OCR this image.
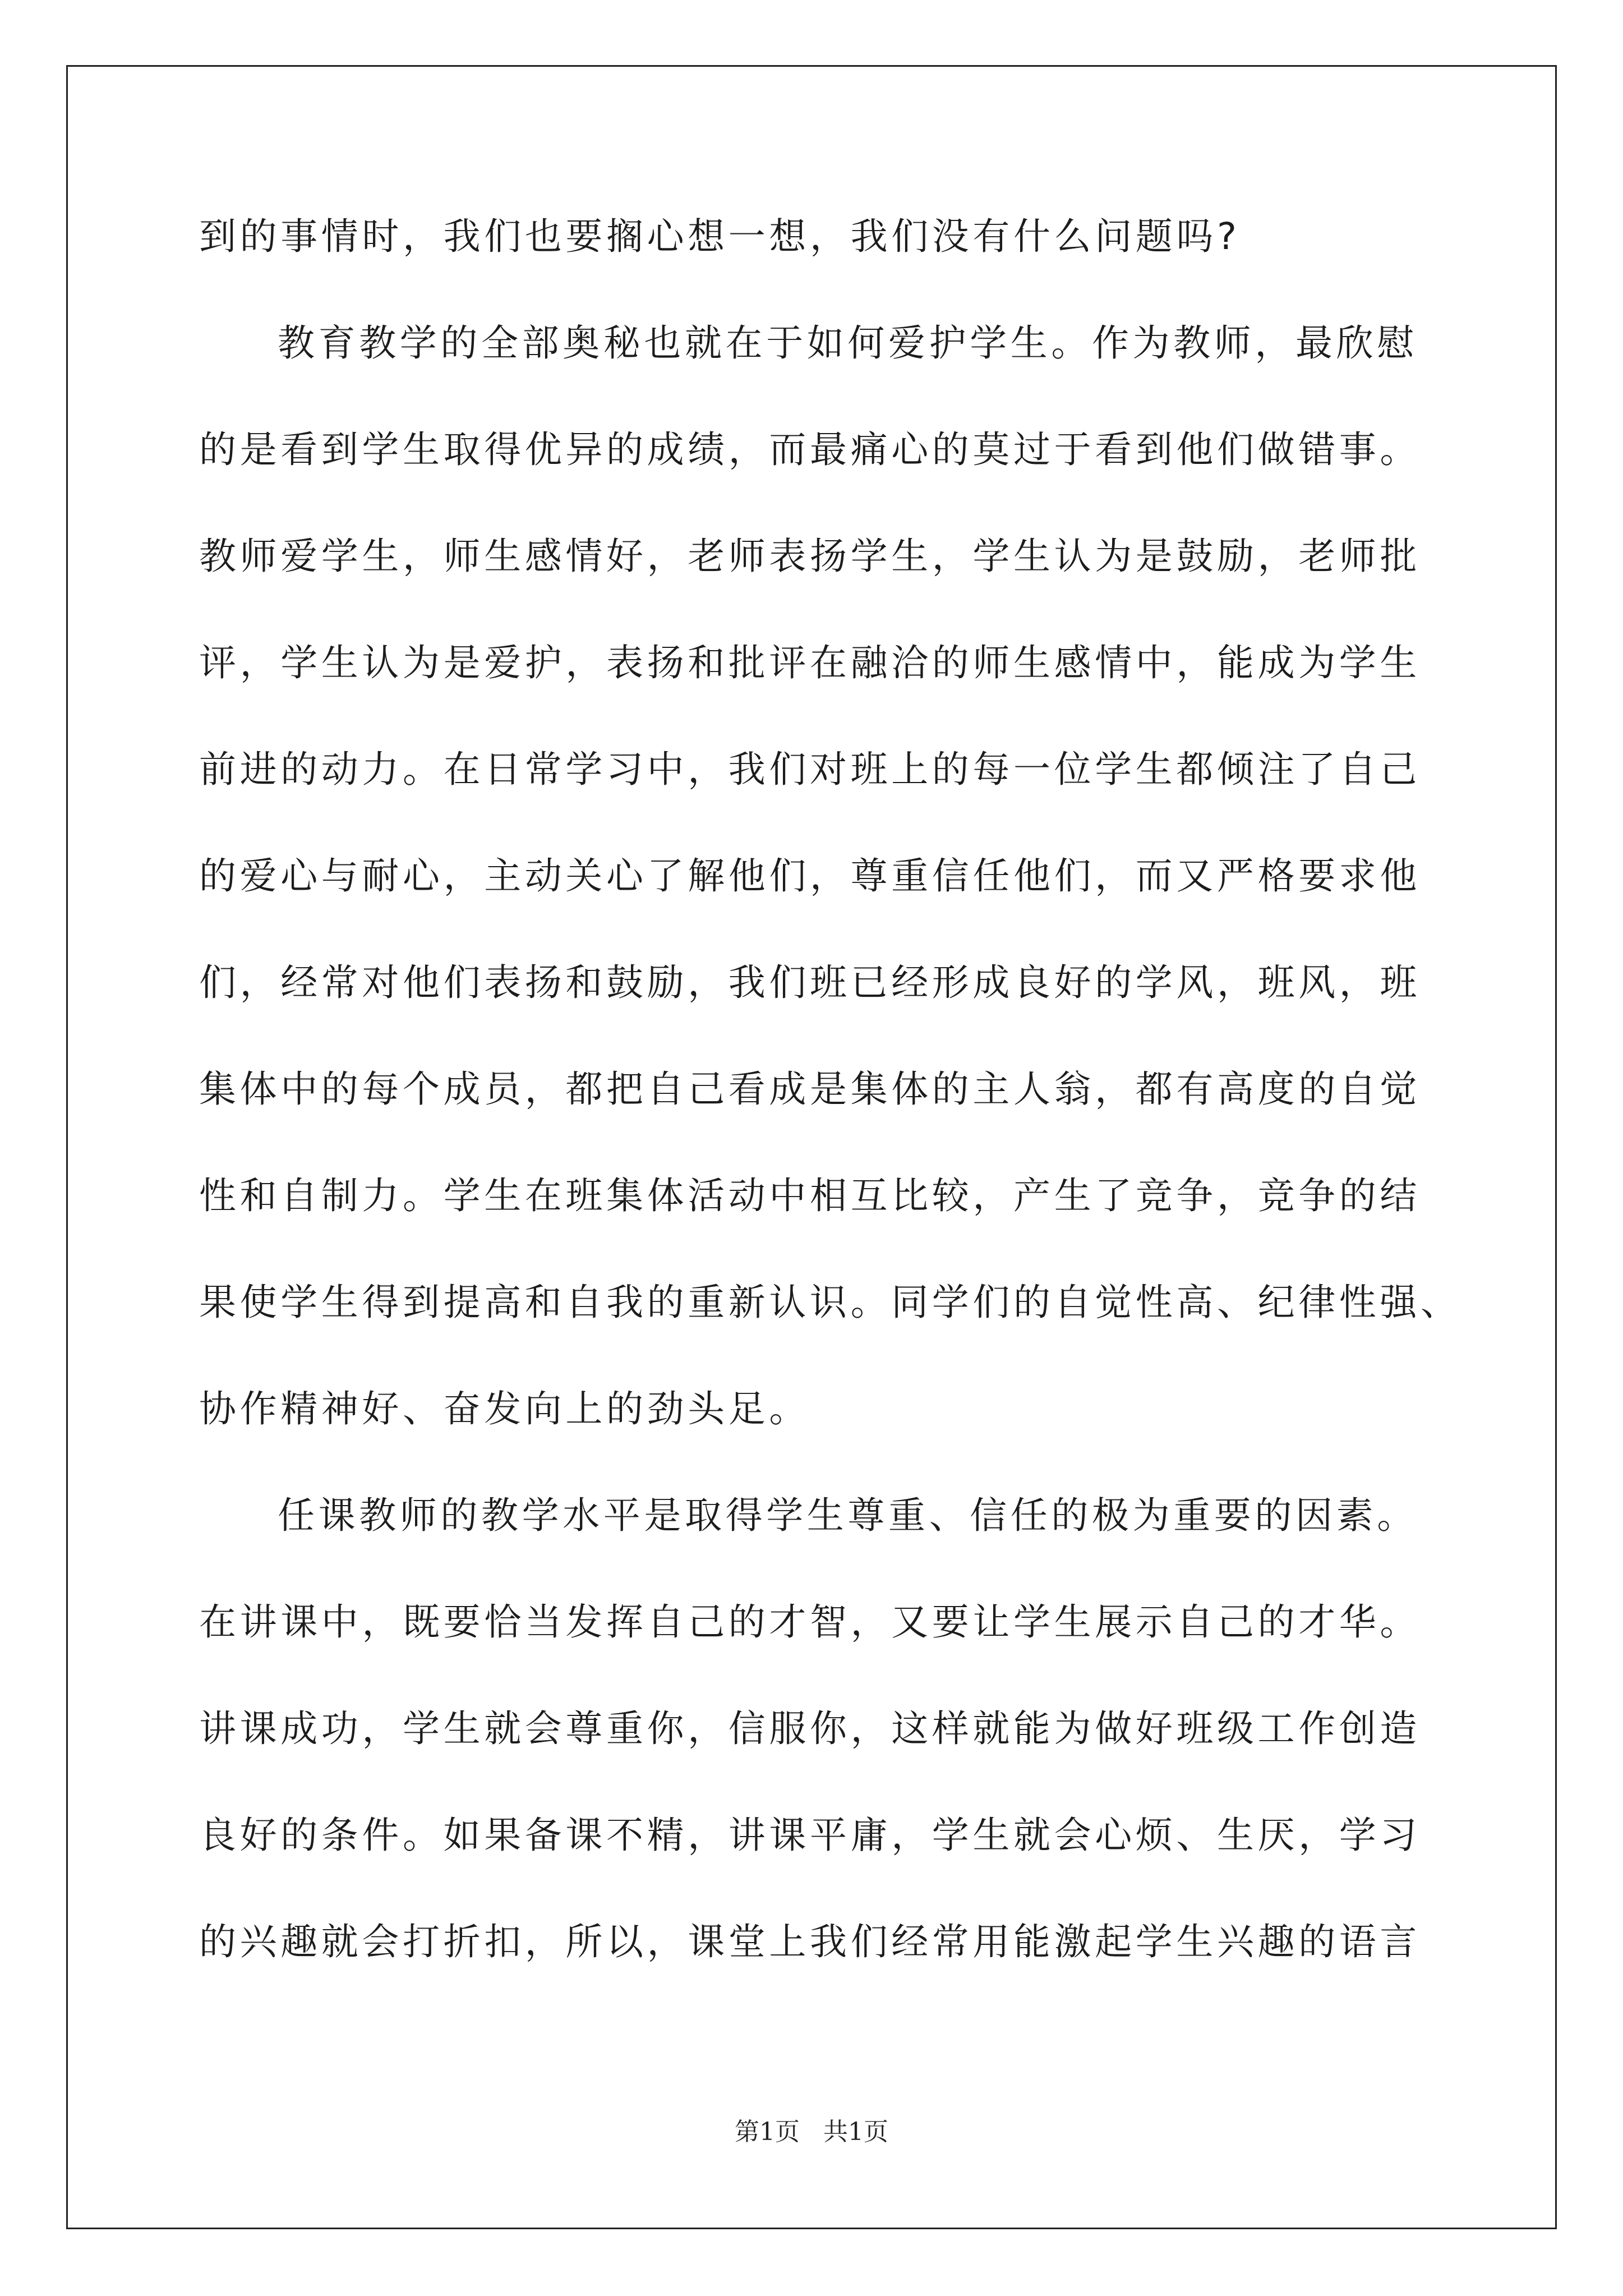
到的事情时，我们也要搁心想一想，我们没有什么问题吗?
教育教学的全部奥秘也就在于如何爱护学生。作为教师，最欣慰
的是看到学生取得优异的成绩，而最痛心的莫过于看到他们做错事。
教师爱学生，师生感情好，老师表扬学生，学生认为是鼓励，老师批
评，学生认为是爱护，表扬和批评在融洽的师生感情中，能成为学生
前进的动力。在日常学习中，我们对班上的每一位学生都倾注了自己
的爱心与耐心，主动关心了解他们，尊重信任他们，而又严格要求他
们，经常对他们表扬和鼓励，我们班已经形成良好的学风，班风，班
集体中的每个成员，都把自己看成是集体的主人翁，都有高度的自觉
性和自制力。学生在班集体活动中相互比较，产生了竞争，竞争的结
果使学生得到提高和自我的重新认识。同学们的自觉性高、纪律性强、
协作精神好、奋发向上的劲头足。
任课教师的教学水平是取得学生尊重、信任的极为重要的因素。
在讲课中，既要恰当发挥自己的才智，又要让学生展示自己的才华。
讲课成功，学生就会尊重你，信服你，这样就能为做好班级工作创造
良好的条件。如果备课不精，讲课平庸，学生就会心烦、生厌，学习
的兴趣就会打折扣，所以，课堂上我们经常用能激起学生兴趣的语言
第1页   共1页
